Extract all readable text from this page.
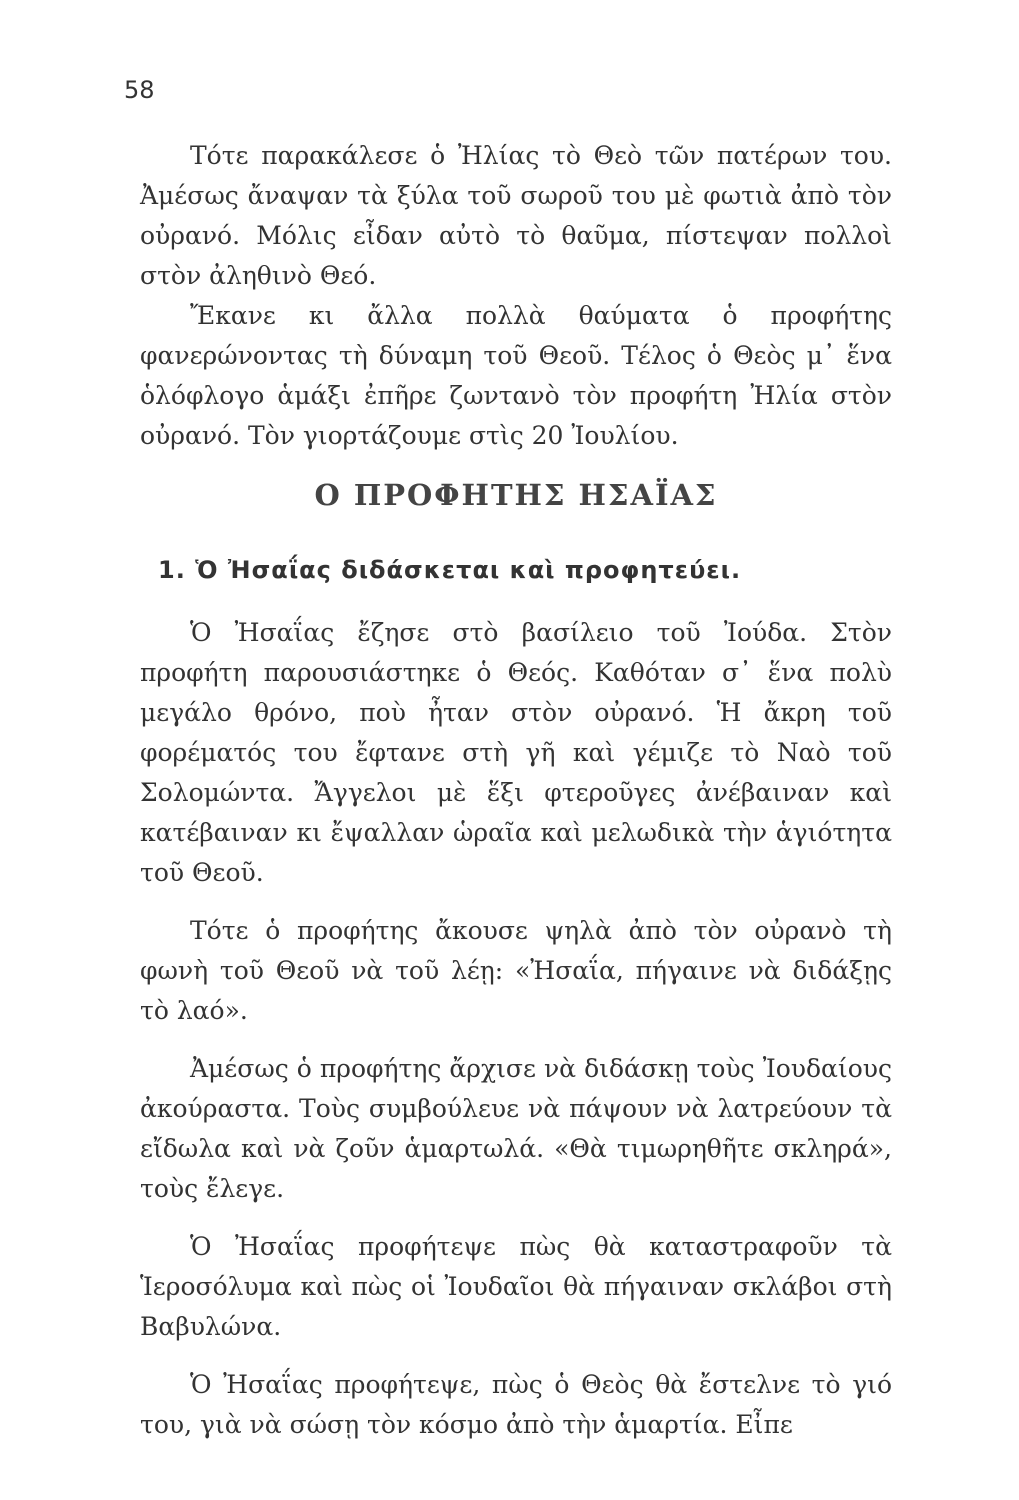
58

Τότε παρακάλεσε ὁ Ἠλίας τὸ Θεὸ τῶν πατέρων του. Ἀμέσως ἄναψαν τὰ ξύλα τοῦ σωροῦ του μὲ φωτιὰ ἀπὸ τὸν οὐρανό. Μόλις εἶδαν αὐτὸ τὸ θαῦμα, πίστεψαν πολλοὶ στὸν ἀληθινὸ Θεό.

Ἔκανε κι ἄλλα πολλὰ θαύματα ὁ προφήτης φανερώνοντας τὴ δύναμη τοῦ Θεοῦ. Τέλος ὁ Θεὸς μ᾽ ἕνα ὁλόφλογο ἁμάξι ἐπῆρε ζωντανὸ τὸν προφήτη Ἠλία στὸν οὐρανό. Τὸν γιορτάζουμε στὶς 20 Ἰουλίου.

Ο ΠΡΟΦΗΤΗΣ ΗΣΑΪΑΣ
1. Ὁ Ἠσαΐας διδάσκεται καὶ προφητεύει.

Ὁ Ἠσαΐας ἔζησε στὸ βασίλειο τοῦ Ἰούδα. Στὸν προφήτη παρουσιάστηκε ὁ Θεός. Καθόταν σ᾽ ἕνα πολὺ μεγάλο θρόνο, ποὺ ἦταν στὸν οὐρανό. Ἡ ἄκρη τοῦ φορέματός του ἔφτανε στὴ γῆ καὶ γέμιζε τὸ Ναὸ τοῦ Σολομώντα. Ἄγγελοι μὲ ἕξι φτεροῦγες ἀνέβαιναν καὶ κατέβαιναν κι ἔψαλλαν ὡραῖα καὶ μελωδικὰ τὴν ἁγιότητα τοῦ Θεοῦ.

Τότε ὁ προφήτης ἄκουσε ψηλὰ ἀπὸ τὸν οὐρανὸ τὴ φωνὴ τοῦ Θεοῦ νὰ τοῦ λέῃ: «Ἠσαΐα, πήγαινε νὰ διδάξῃς τὸ λαό».

Ἀμέσως ὁ προφήτης ἄρχισε νὰ διδάσκῃ τοὺς Ἰουδαίους ἀκούραστα. Τοὺς συμβούλευε νὰ πάψουν νὰ λατρεύουν τὰ εἴδωλα καὶ νὰ ζοῦν ἁμαρτωλά. «Θὰ τιμωρηθῆτε σκληρά», τοὺς ἔλεγε.

Ὁ Ἠσαΐας προφήτεψε πὼς θὰ καταστραφοῦν τὰ Ἱεροσόλυμα καὶ πὼς οἱ Ἰουδαῖοι θὰ πήγαιναν σκλάβοι στὴ Βαβυλώνα.

Ὁ Ἠσαΐας προφήτεψε, πὼς ὁ Θεὸς θὰ ἔστελνε τὸ γιό του, γιὰ νὰ σώσῃ τὸν κόσμο ἀπὸ τὴν ἁμαρτία. Εἶπε
